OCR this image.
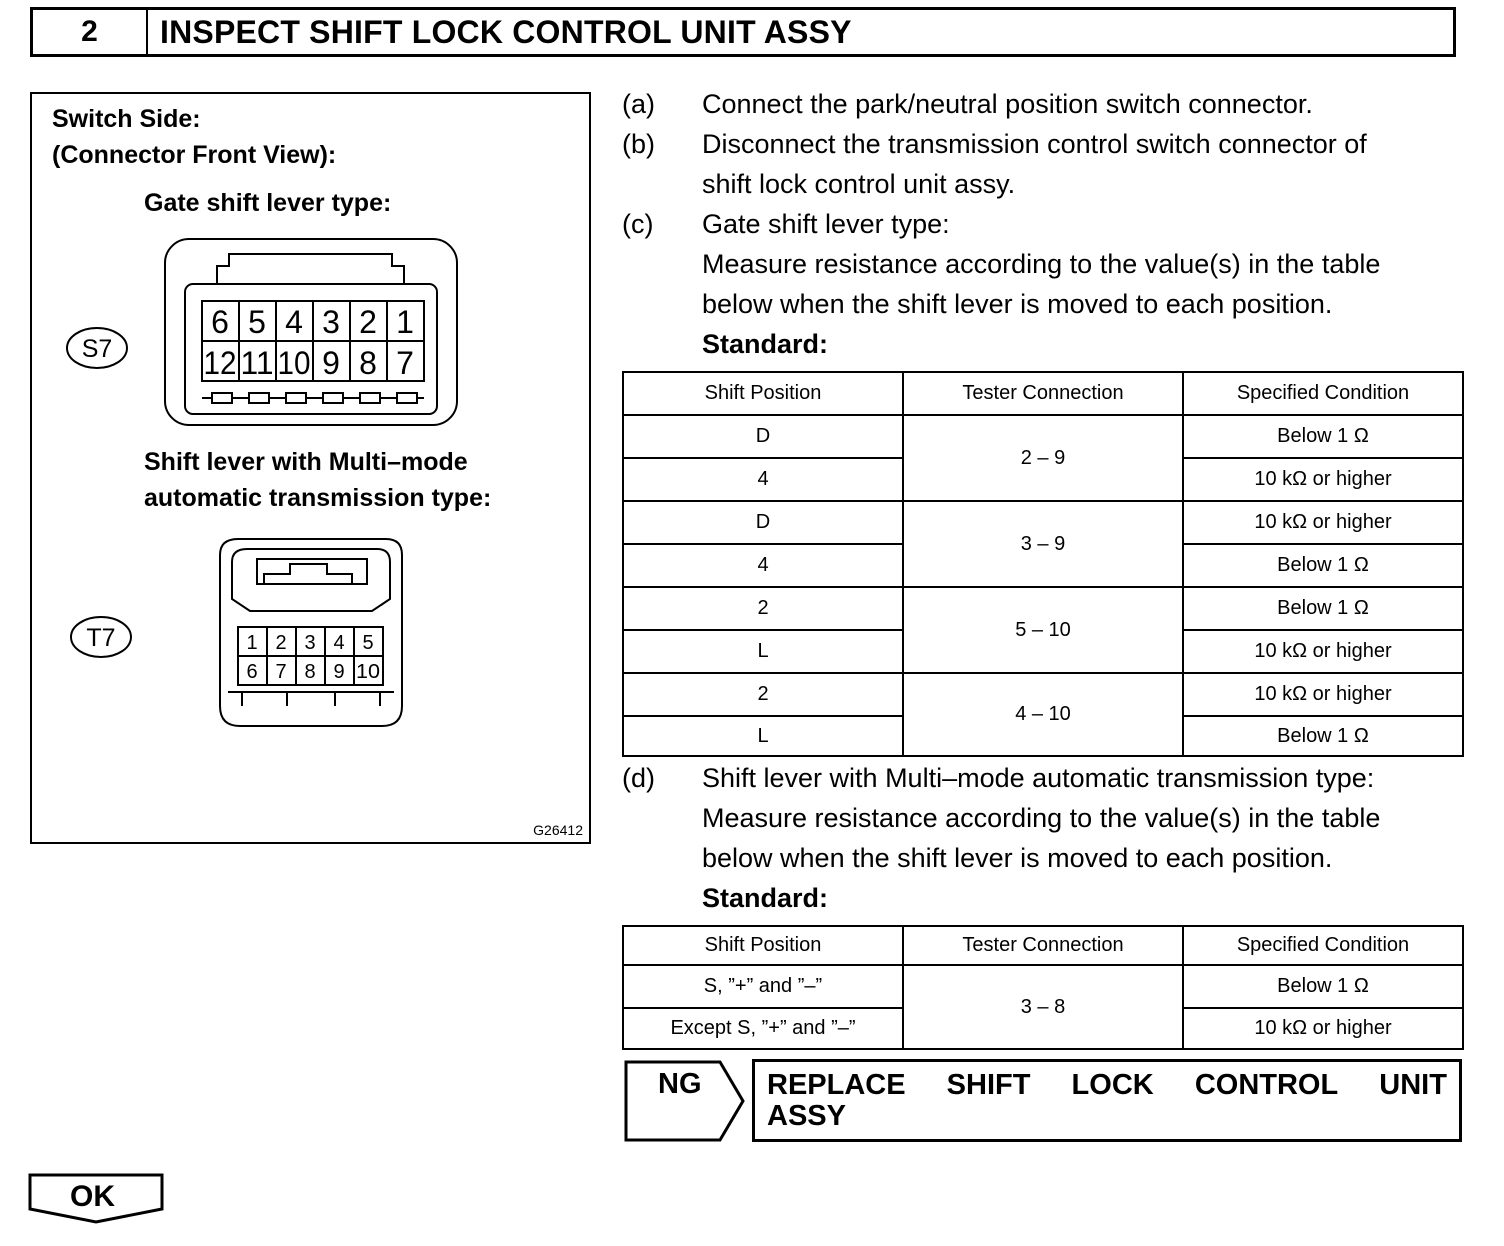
2	INSPECT SHIFT LOCK CONTROL UNIT ASSY
Switch Side:
(Connector Front View):
Gate shift lever type:
Shift lever with Multi–mode
automatic transmission type:
S7
6 5 4 3 2 1
12 11 10 9 8 7
T7	1 2 3 4 5
6 7 8 9 10
G26412
(a)	Connect the park/neutral position switch connector.
(b)	Disconnect the transmission control switch connector of
shift lock control unit assy.
(c)	Gate shift lever type:
Measure resistance according to the value(s) in the table
below when the shift lever is moved to each position.
Standard:
Shift Position	Tester Connection	Specified Condition
D	2 – 9	Below 1 Ω
4		10 kΩ or higher
D	3 – 9	10 kΩ or higher
4		Below 1 Ω
2	5 – 10	Below 1 Ω
L		10 kΩ or higher
2	4 – 10	10 kΩ or higher
L		Below 1 Ω
(d)	Shift lever with Multi–mode automatic transmission type:
Measure resistance according to the value(s) in the table
below when the shift lever is moved to each position.
Standard:
Shift Position	Tester Connection	Specified Condition
S, ”+” and ”–”	3 – 8	Below 1 Ω
Except S, ”+” and ”–”		10 kΩ or higher
NG REPLACE SHIFT LOCK CONTROL UNIT
ASSY
OK
